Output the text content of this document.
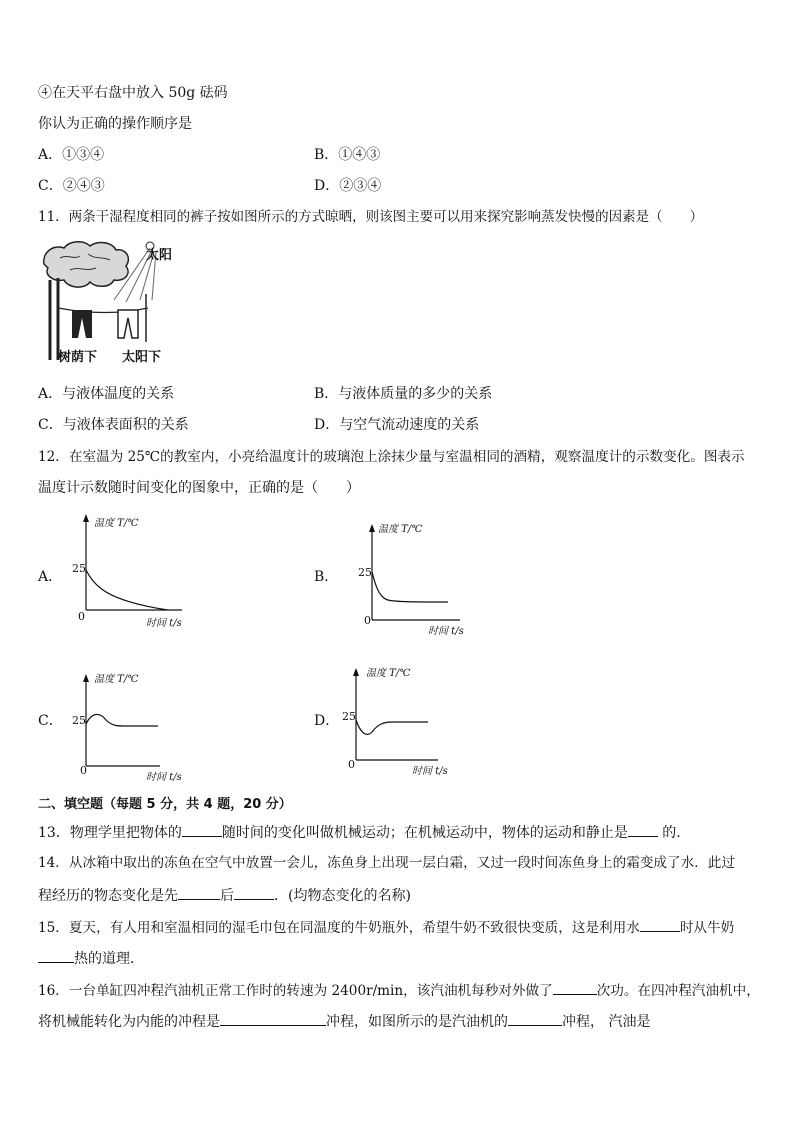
④在天平右盘中放入 50g 砝码
你认为正确的操作顺序是
A．①③④	B．①④③
C．②④③	D．②③④
11．两条干湿程度相同的裤子按如图所示的方式晾晒，则该图主要可以用来探究影响蒸发快慢的因素是（　　）
太阳
树荫下 太阳下
A．与液体温度的关系	B．与液体质量的多少的关系
C．与液体表面积的关系	D．与空气流动速度的关系
12．在室温为 25℃的教室内，小亮给温度计的玻璃泡上涂抹少量与室温相同的酒精，观察温度计的示数变化。图表示
温度计示数随时间变化的图象中，正确的是（　　）
A．
温度 T/℃
25
0
时间 t/s
B．
温度 T/℃
25
0
时间 t/s
C．
温度 T/℃
25
0
时间 t/s
D．
温度 T/℃
25
0
时间 t/s
二、填空题（每题 5 分，共 4 题，20 分）
13．物理学里把物体的	随时间的变化叫做机械运动；在机械运动中，物体的运动和静止是 的.
14．从冰箱中取出的冻鱼在空气中放置一会儿，冻鱼身上出现一层白霜，又过一段时间冻鱼身上的霜变成了水．此过
程经历的物态变化是先	后	．(均物态变化的名称)
15．夏天，有人用和室温相同的湿毛巾包在同温度的牛奶瓶外，希望牛奶不致很快变质，这是利用水	时从牛奶
热的道理．
16．一台单缸四冲程汽油机正常工作时的转速为 2400r/min，该汽油机每秒对外做了	次功。在四冲程汽油机中，
将机械能转化为内能的冲程是	冲程，如图所示的是汽油机的	冲程， 汽油是
